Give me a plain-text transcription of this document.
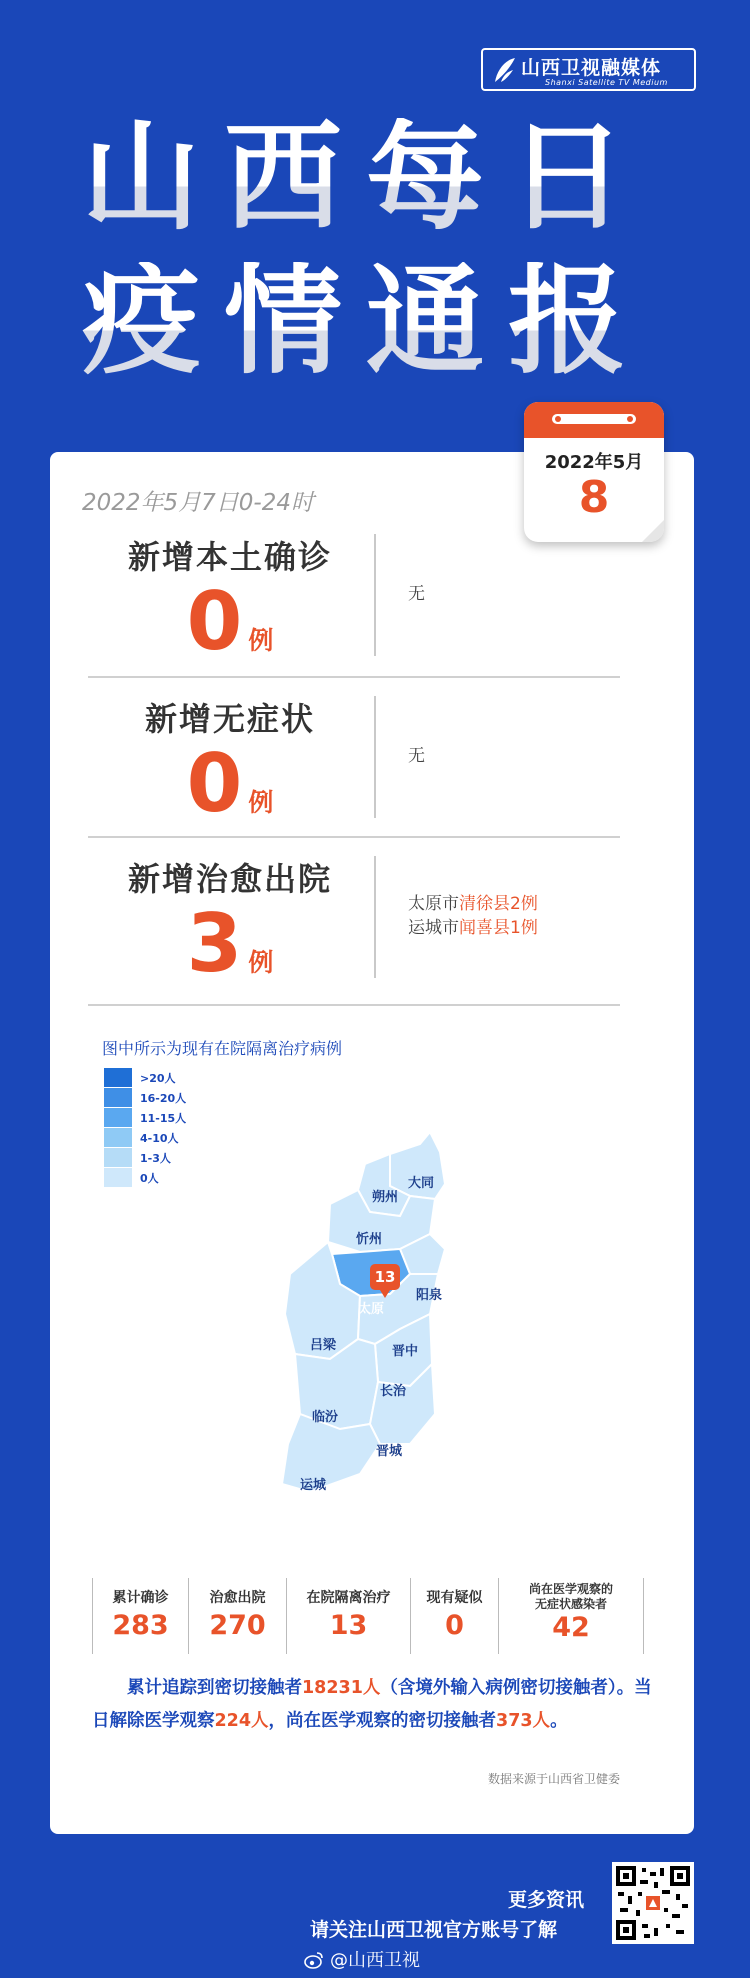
山西卫视融媒体
Shanxi Satellite TV Medium
山西每日
疫情通报
2022年5月
8
2022年5月7日0-24时
新增本土确诊
0 例
无
新增无症状
0 例
无
新增治愈出院
3 例
太原市清徐县2例
运城市闻喜县1例
图中所示为现有在院隔离治疗病例
>20人
16-20人
11-15人
4-10人
1-3人
0人	大同
朔州
忻州
太原
阳泉
吕梁	晋中
长治
临汾
晋城
运城
13
累计确诊
283
治愈出院
270
在院隔离治疗
13
现有疑似
0
尚在医学观察的
无症状感染者
42
累计追踪到密切接触者18231人（含境外输入病例密切接触者）。当日解除医学观察224人，尚在医学观察的密切接触者373人。
数据来源于山西省卫健委
更多资讯
请关注山西卫视官方账号了解
@山西卫视
